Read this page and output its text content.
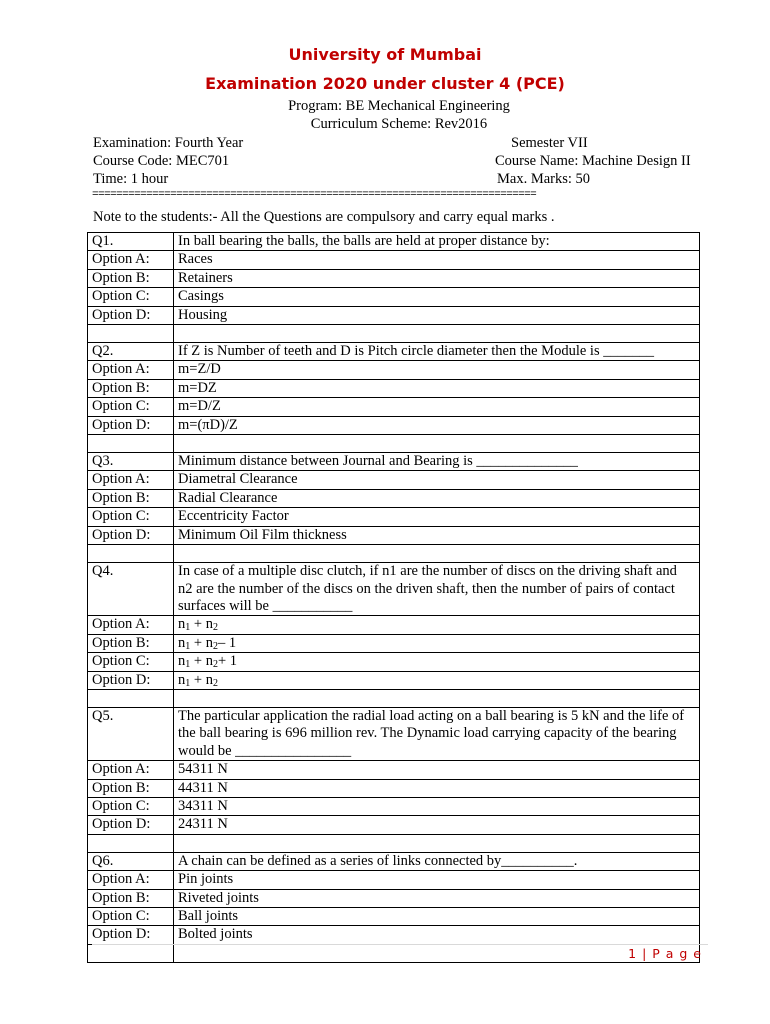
University of Mumbai
Examination 2020 under cluster 4 (PCE)
Program: BE Mechanical Engineering
Curriculum Scheme: Rev2016
Examination: Fourth Year	Semester VII
Course Code: MEC701	Course Name: Machine Design II
Time: 1 hour	Max. Marks: 50
==========================================================================
Note to the students:- All the Questions are compulsory and carry equal marks .
Q1.	In ball bearing the balls, the balls are held at proper distance by:
Option A:	Races
Option B:	Retainers
Option C:	Casings
Option D:	Housing

Q2.	If Z is Number of teeth and D is Pitch circle diameter then the Module is _______
Option A:	m=Z/D
Option B:	m=DZ
Option C:	m=D/Z
Option D:	m=(πD)/Z

Q3.	Minimum distance between Journal and Bearing is ______________
Option A:	Diametral Clearance
Option B:	Radial Clearance
Option C:	Eccentricity Factor
Option D:	Minimum Oil Film thickness

Q4.	In case of a multiple disc clutch, if n1 are the number of discs on the driving shaft and n2 are the number of the discs on the driven shaft, then the number of pairs of contact surfaces will be ___________
Option A:	$n_1 + n_2$
Option B:	$n_1 + n_2-$ 1
Option C:	$n_1 + n_2+ 1$
Option D:	$n_1 + n_2$

Q5.	The particular application the radial load acting on a ball bearing is 5 kN and the life of the ball bearing is 696 million rev. The Dynamic load carrying capacity of the bearing would be ________________
Option A:	54311 N
Option B:	44311 N
Option C:	34311 N
Option D:	24311 N

Q6.	A chain can be defined as a series of links connected by__________.
Option A:	Pin joints
Option B:	Riveted joints
Option C:	Ball joints
Option D:	Bolted joints

1 | P a g e
